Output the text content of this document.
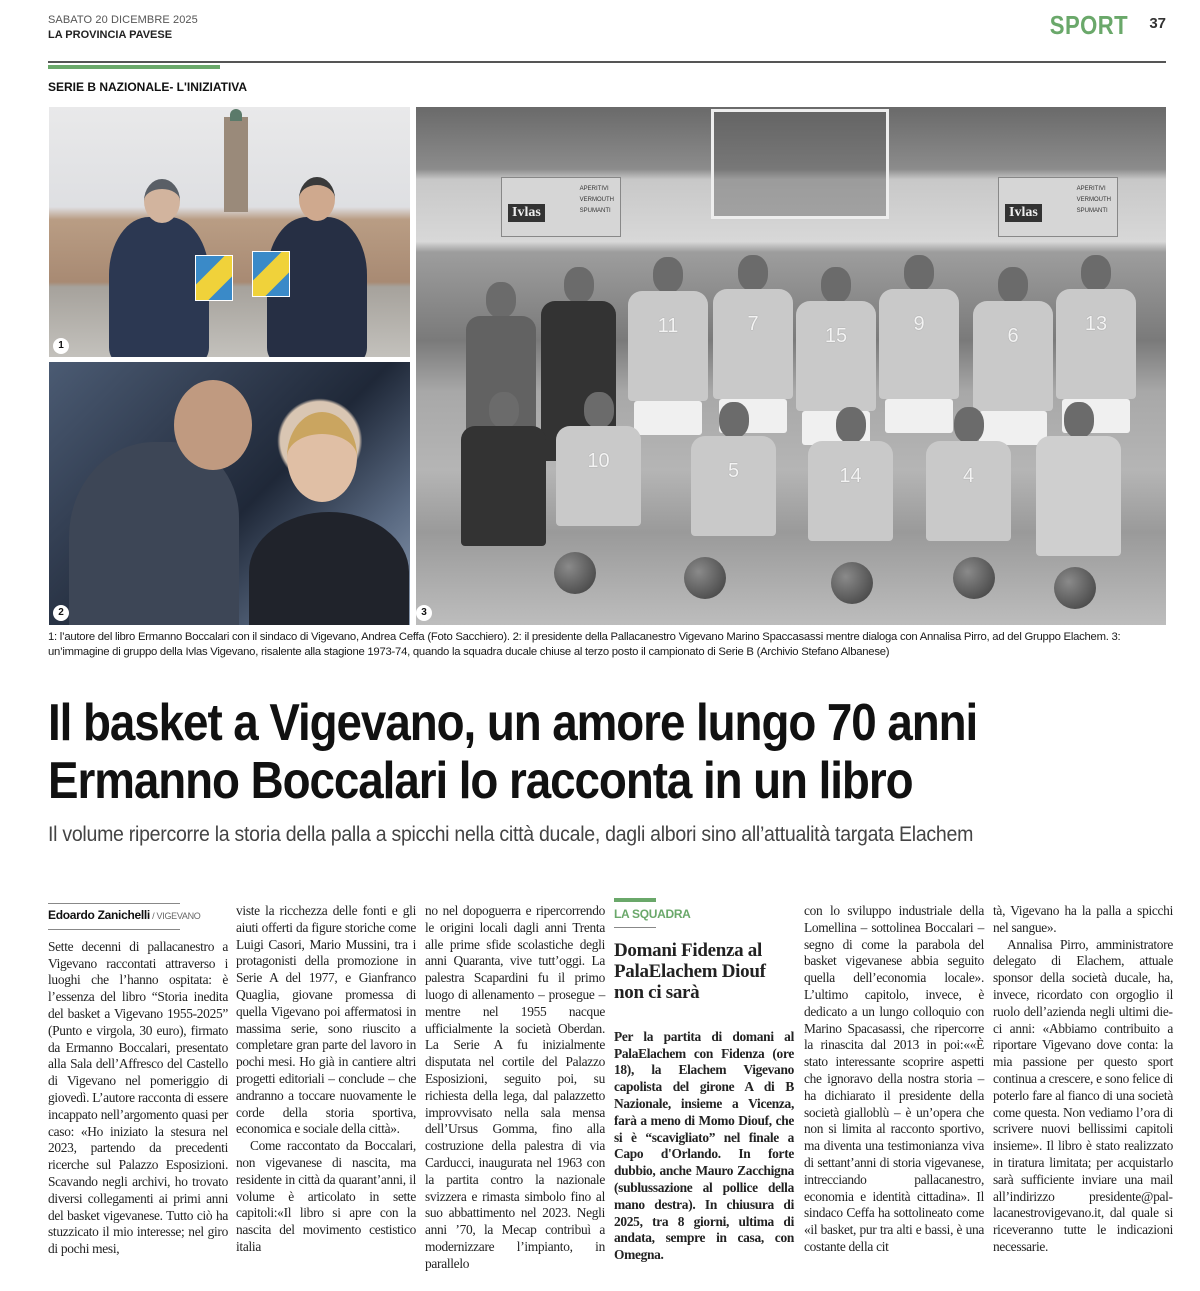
SABATO 20 DICEMBRE 2025
LA PROVINCIA PAVESE	SPORT 37
SERIE B NAZIONALE- L'INIZIATIVA
1
2
Ivlas
APERITIVI
VERMOUTH
SPUMANTI	Ivlas
APERITIVI
VERMOUTH
SPUMANTI
11	7
15
9
6
13
10	5	14	4
3
1: l’autore del libro Ermanno Boccalari con il sindaco di Vigevano, Andrea Ceffa (Foto Sacchiero). 2: il presidente della Pallacanestro Vigevano Marino Spaccasassi mentre dialoga con Annalisa Pirro, ad del Gruppo Elachem. 3: un’immagine di gruppo della Ivlas Vigevano, risalente alla stagione 1973-74, quando la squadra ducale chiuse al terzo posto il campionato di Serie B (Archivio Stefano Albanese)
Il basket a Vigevano, un amore lungo 70 anni
Ermanno Boccalari lo racconta in un libro
Il volume ripercorre la storia della palla a spicchi nella città ducale, dagli albori sino all’attualità targata Elachem
Edoardo Zanichelli / VIGEVANO

Sette decenni di pallacanestro a Vigevano raccontati attraverso i luoghi che l’hanno ospitata: è l’essenza del libro “Storia inedita del basket a Vigevano 1955-2025” (Punto e virgola, 30 euro), firmato da Ermanno Boccalari, presentato alla Sala dell’Affresco del Castello di Vigevano nel pomeriggio di giovedì. L’autore racconta di essere incappato nell’argomento quasi per caso: «Ho iniziato la stesura nel 2023, partendo da precedenti ricerche sul Palazzo Esposizioni. Scavando negli archivi, ho trovato diversi collegamenti ai primi anni del basket vigevanese. Tutto ciò ha stuzzicato il mio interesse; nel giro di pochi mesi,

viste la ricchezza delle fonti e gli aiuti offerti da figure storiche come Luigi Casori, Mario Mussini, tra i protagonisti della promozione in Serie A del 1977, e Gianfranco Quaglia, giovane promessa di quella Vigevano poi affermatosi in massima serie, sono riuscito a completare gran parte del lavoro in pochi mesi. Ho già in cantiere altri progetti editoriali – conclude – che andranno a toccare nuovamente le corde della storia sportiva, economica e sociale della città».

Come raccontato da Boccalari, non vigevanese di nascita, ma residente in città da quarant’anni, il volume è articolato in sette capitoli:«Il libro si apre con la nascita del movimento cestistico italia

no nel dopoguerra e ripercorrendo le origini locali dagli anni Trenta alle prime sfide scolastiche degli anni Quaranta, vive tutt’oggi. La palestra Scapardini fu il primo luogo di allenamento – prosegue – mentre nel 1955 nacque ufficialmente la società Oberdan. La Serie A fu inizialmente disputata nel cortile del Palazzo Esposizioni, seguito poi, su richiesta della lega, dal palazzetto improvvisato nella sala mensa dell’Ursus Gomma, fino alla costruzione della palestra di via Carducci, inaugurata nel 1963 con la partita contro la nazionale svizzera e rimasta simbolo fino al suo abbattimento nel 2023. Negli anni ’70, la Mecap contribuì a modernizzare l’impianto, in parallelo

LA SQUADRA
Domani Fidenza al PalaElachem Diouf non ci sarà

Per la partita di domani al PalaElachem con Fidenza (ore 18), la Elachem Vigevano capolista del girone A di B Nazionale, insieme a Vicenza, farà a meno di Momo Diouf, che si è “scavigliato” nel finale a Capo d'Orlando. In forte dubbio, anche Mauro Zacchigna (sublussazione al pollice della mano destra). In chiusura di 2025, tra 8 giorni, ultima di andata, sempre in casa, con Omegna.

con lo sviluppo industriale della Lomellina – sottolinea Boccalari – segno di come la parabola del basket vigevanese abbia seguito quella dell’economia locale». L’ultimo capitolo, invece, è dedicato a un lungo colloquio con Marino Spacasassi, che ripercorre la rinascita dal 2013 in poi:««È stato interessante scoprire aspetti che ignoravo della nostra storia – ha dichiarato il presidente della società gialloblù – è un’opera che non si limita al racconto sportivo, ma diventa una testimonianza viva di settant’anni di storia vigevanese, intrecciando pallacanestro, economia e identità cittadina». Il sindaco Ceffa ha sottolineato come «il basket, pur tra alti e bassi, è una costante della cit

tà, Vigevano ha la palla a spicchi nel sangue».

Annalisa Pirro, amministratore delegato di Elachem, attuale sponsor della società ducale, ha, invece, ricordato con orgoglio il ruolo dell’azienda negli ultimi dieci anni: «Abbiamo contribuito a riportare Vigevano dove conta: la mia passione per questo sport continua a crescere, e sono felice di poterlo fare al fianco di una società come questa. Non vediamo l’ora di scrivere nuovi bellissimi capitoli insieme». Il libro è stato realizzato in tiratura limitata; per acquistarlo sarà sufficiente inviare una mail all’indirizzo presidente@pallacanestrovigevano.it, dal quale si riceveranno tutte le indicazioni necessarie.
